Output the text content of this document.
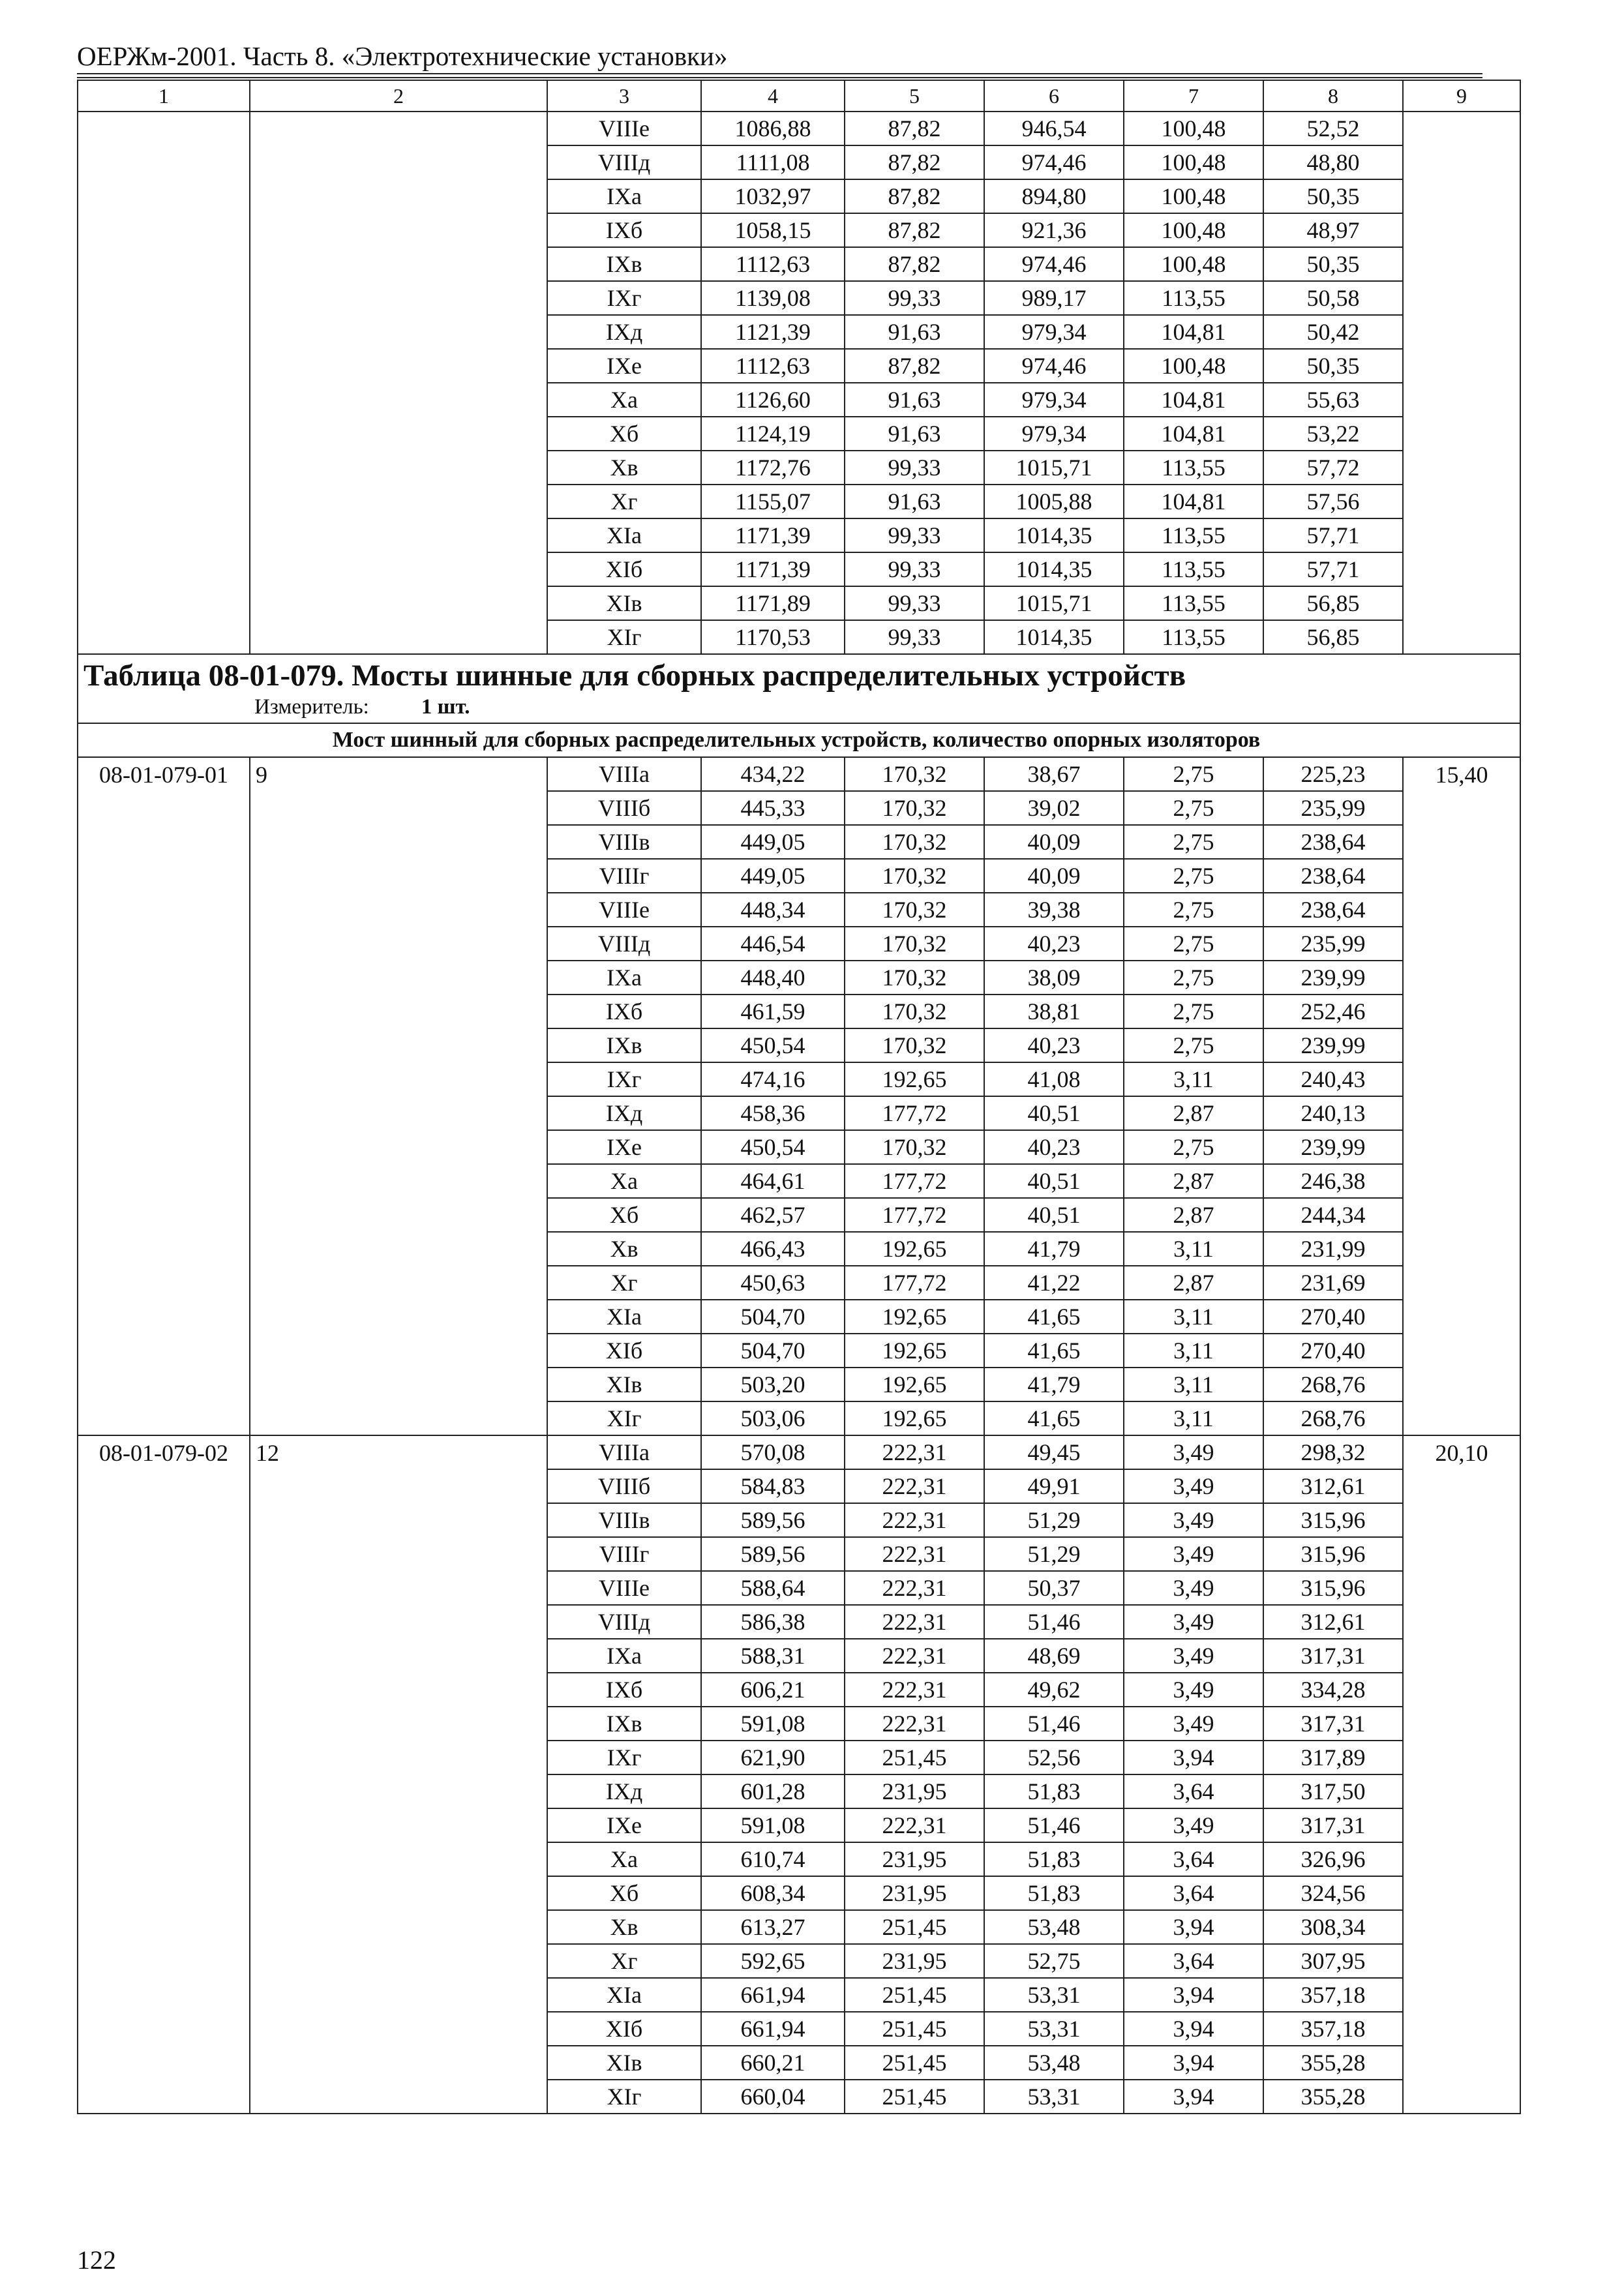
ОЕРЖм-2001. Часть 8. «Электротехнические установки»
1	2	3	4	5	6	7	8	9
		VIIIе	1086,88	87,82	946,54	100,48	52,52	
		VIIIд	1111,08	87,82	974,46	100,48	48,80	
		IXа	1032,97	87,82	894,80	100,48	50,35	
		IXб	1058,15	87,82	921,36	100,48	48,97	
		IXв	1112,63	87,82	974,46	100,48	50,35	
		IXг	1139,08	99,33	989,17	113,55	50,58	
		IXд	1121,39	91,63	979,34	104,81	50,42	
		IXе	1112,63	87,82	974,46	100,48	50,35	
		Xа	1126,60	91,63	979,34	104,81	55,63	
		Xб	1124,19	91,63	979,34	104,81	53,22	
		Xв	1172,76	99,33	1015,71	113,55	57,72	
		Xг	1155,07	91,63	1005,88	104,81	57,56	
		XIа	1171,39	99,33	1014,35	113,55	57,71	
		XIб	1171,39	99,33	1014,35	113,55	57,71	
		XIв	1171,89	99,33	1015,71	113,55	56,85	
		XIг	1170,53	99,33	1014,35	113,55	56,85	
Таблица 08-01-079. Мосты шинные для сборных распределительных устройств								
Измеритель: 1 шт.								
Мост шинный для сборных распределительных устройств, количество опорных изоляторов								
08-01-079-01	9	VIIIа	434,22	170,32	38,67	2,75	225,23	15,40
		VIIIб	445,33	170,32	39,02	2,75	235,99	
		VIIIв	449,05	170,32	40,09	2,75	238,64	
		VIIIг	449,05	170,32	40,09	2,75	238,64	
		VIIIе	448,34	170,32	39,38	2,75	238,64	
		VIIIд	446,54	170,32	40,23	2,75	235,99	
		IXа	448,40	170,32	38,09	2,75	239,99	
		IXб	461,59	170,32	38,81	2,75	252,46	
		IXв	450,54	170,32	40,23	2,75	239,99	
		IXг	474,16	192,65	41,08	3,11	240,43	
		IXд	458,36	177,72	40,51	2,87	240,13	
		IXе	450,54	170,32	40,23	2,75	239,99	
		Xа	464,61	177,72	40,51	2,87	246,38	
		Xб	462,57	177,72	40,51	2,87	244,34	
		Xв	466,43	192,65	41,79	3,11	231,99	
		Xг	450,63	177,72	41,22	2,87	231,69	
		XIа	504,70	192,65	41,65	3,11	270,40	
		XIб	504,70	192,65	41,65	3,11	270,40	
		XIв	503,20	192,65	41,79	3,11	268,76	
		XIг	503,06	192,65	41,65	3,11	268,76	
08-01-079-02	12	VIIIа	570,08	222,31	49,45	3,49	298,32	20,10
		VIIIб	584,83	222,31	49,91	3,49	312,61	
		VIIIв	589,56	222,31	51,29	3,49	315,96	
		VIIIг	589,56	222,31	51,29	3,49	315,96	
		VIIIе	588,64	222,31	50,37	3,49	315,96	
		VIIIд	586,38	222,31	51,46	3,49	312,61	
		IXа	588,31	222,31	48,69	3,49	317,31	
		IXб	606,21	222,31	49,62	3,49	334,28	
		IXв	591,08	222,31	51,46	3,49	317,31	
		IXг	621,90	251,45	52,56	3,94	317,89	
		IXд	601,28	231,95	51,83	3,64	317,50	
		IXе	591,08	222,31	51,46	3,49	317,31	
		Xа	610,74	231,95	51,83	3,64	326,96	
		Xб	608,34	231,95	51,83	3,64	324,56	
		Xв	613,27	251,45	53,48	3,94	308,34	
		Xг	592,65	231,95	52,75	3,64	307,95	
		XIа	661,94	251,45	53,31	3,94	357,18	
		XIб	661,94	251,45	53,31	3,94	357,18	
		XIв	660,21	251,45	53,48	3,94	355,28	
		XIг	660,04	251,45	53,31	3,94	355,28	
122
